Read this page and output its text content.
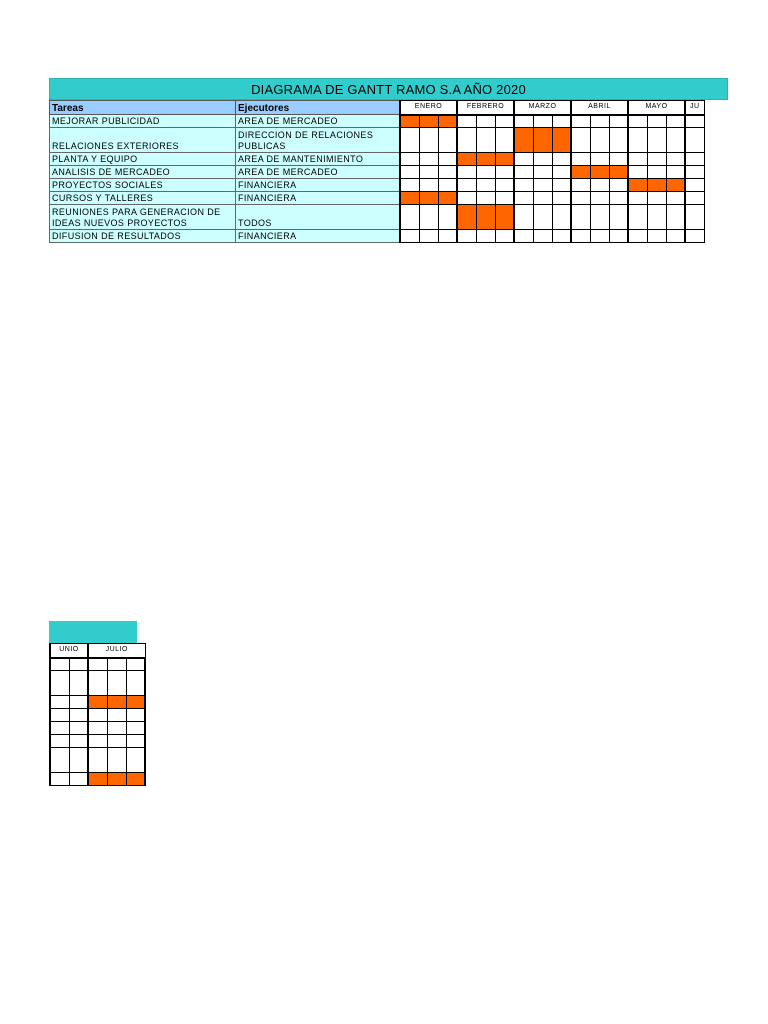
DIAGRAMA DE GANTT RAMO S.A AÑO 2020
Tareas	Ejecutores
MEJORAR PUBLICIDAD	AREA DE MERCADEO
RELACIONES EXTERIORES	DIRECCION DE RELACIONES PUBLICAS
PLANTA Y EQUIPO	AREA DE MANTENIMIENTO
ANALISIS DE MERCADEO	AREA DE MERCADEO
PROYECTOS SOCIALES	FINANCIERA
CURSOS Y TALLERES	FINANCIERA
REUNIONES PARA GENERACION DE IDEAS NUEVOS PROYECTOS	TODOS
DIFUSION DE RESULTADOS	FINANCIERA
ENERO			FEBRERO			MARZO			ABRIL			MAYO			JU

UNIO		JULIO		
